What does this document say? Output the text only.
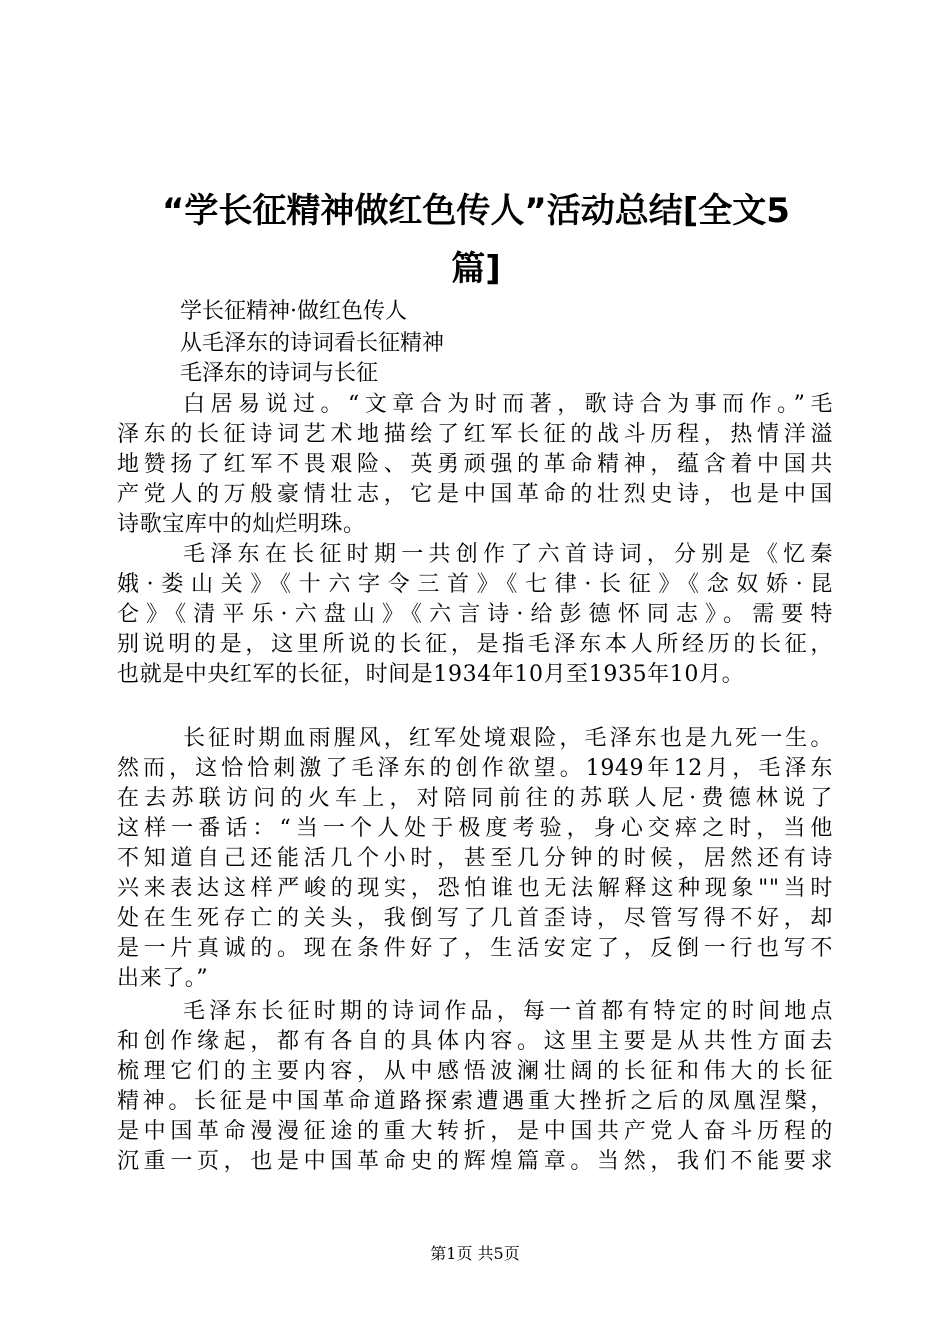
“学长征精神做红色传人”活动总结[全文5
篇]

学长征精神·做红色传人

从毛泽东的诗词看长征精神

毛泽东的诗词与长征

白居易说过。“文章合为时而著，歌诗合为事而作。”毛
泽东的长征诗词艺术地描绘了红军长征的战斗历程，热情洋溢
地赞扬了红军不畏艰险、英勇顽强的革命精神，蕴含着中国共
产党人的万般豪情壮志，它是中国革命的壮烈史诗，也是中国
诗歌宝库中的灿烂明珠。

毛泽东在长征时期一共创作了六首诗词，分别是《忆秦
娥·娄山关》《十六字令三首》《七律·长征》《念奴娇·昆
仑》《清平乐·六盘山》《六言诗·给彭德怀同志》。需要特
别说明的是，这里所说的长征，是指毛泽东本人所经历的长征，
也就是中央红军的长征，时间是1934年10月至1935年10月。

长征时期血雨腥风，红军处境艰险，毛泽东也是九死一生。
然而，这恰恰刺激了毛泽东的创作欲望。1949年12月，毛泽东
在去苏联访问的火车上，对陪同前往的苏联人尼·费德林说了
这样一番话：“当一个人处于极度考验，身心交瘁之时，当他
不知道自己还能活几个小时，甚至几分钟的时候，居然还有诗
兴来表达这样严峻的现实，恐怕谁也无法解释这种现象""当时
处在生死存亡的关头，我倒写了几首歪诗，尽管写得不好，却
是一片真诚的。现在条件好了，生活安定了，反倒一行也写不
出来了。”

毛泽东长征时期的诗词作品，每一首都有特定的时间地点
和创作缘起，都有各自的具体内容。这里主要是从共性方面去
梳理它们的主要内容，从中感悟波澜壮阔的长征和伟大的长征
精神。长征是中国革命道路探索遭遇重大挫折之后的凤凰涅槃，
是中国革命漫漫征途的重大转折，是中国共产党人奋斗历程的
沉重一页，也是中国革命史的辉煌篇章。当然，我们不能要求

第1页 共5页
